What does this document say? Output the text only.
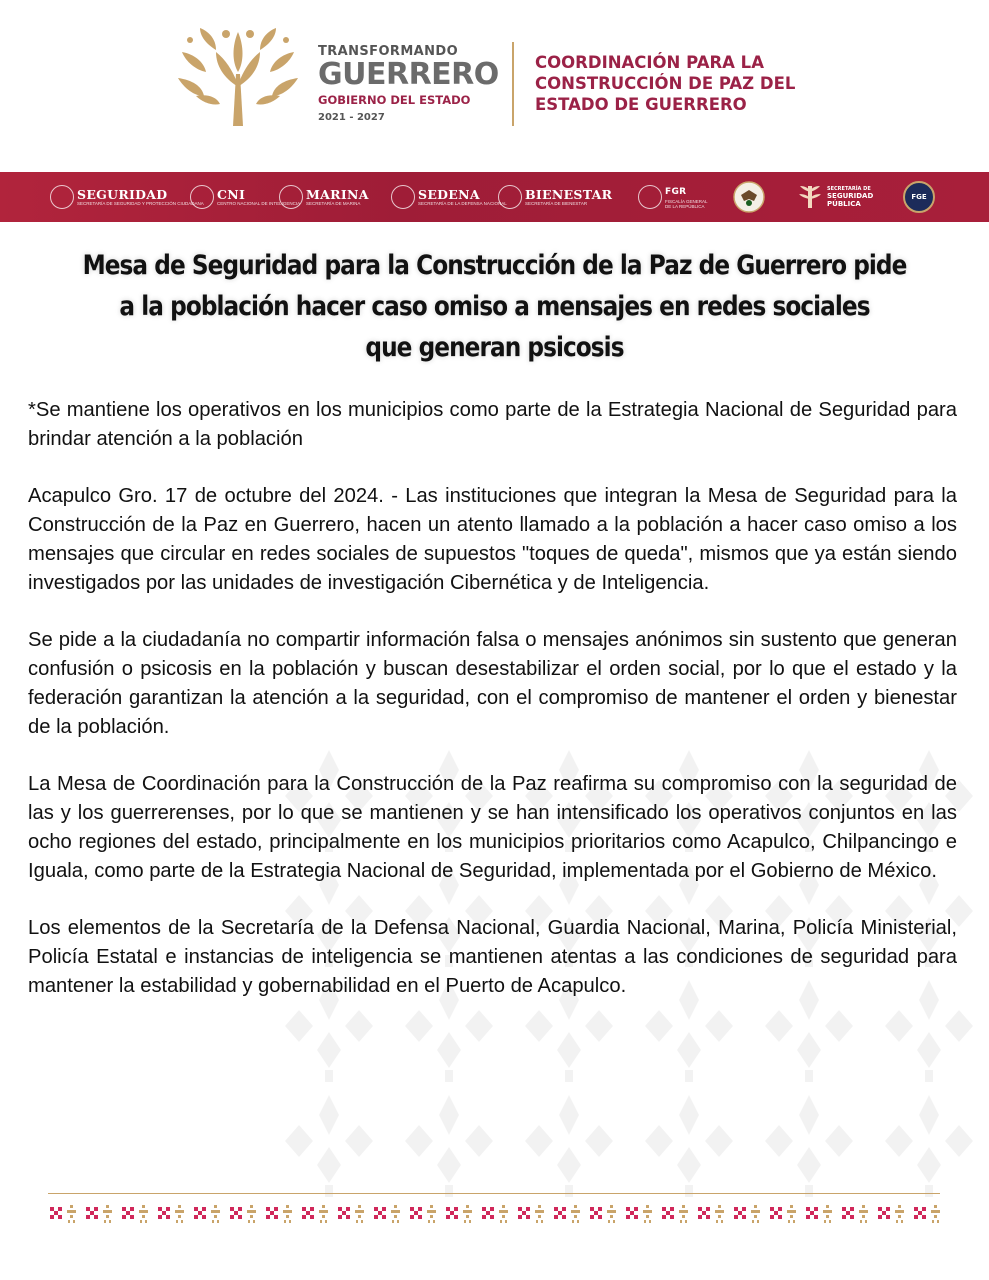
TRANSFORMANDO
GUERRERO
GOBIERNO DEL ESTADO
2021 - 2027
COORDINACIÓN PARA LA
CONSTRUCCIÓN DE PAZ DEL
ESTADO DE GUERRERO
SEGURIDAD
SECRETARÍA DE SEGURIDAD Y PROTECCIÓN CIUDADANA
CNI
CENTRO NACIONAL DE INTELIGENCIA
MARINA
SECRETARÍA DE MARINA
SEDENA
SECRETARÍA DE LA DEFENSA NACIONAL
BIENESTAR
SECRETARÍA DE BIENESTAR
FGR
FISCALÍA GENERAL DE LA REPÚBLICA
SECRETARÍA DE
SEGURIDAD
PÚBLICA
FGE
Mesa de Seguridad para la Construcción de la Paz de Guerrero pide
a la población hacer caso omiso a mensajes en redes sociales
que generan psicosis

*Se mantiene los operativos en los municipios como parte de la Estrategia Nacional de Seguridad para brindar atención a la población

Acapulco Gro. 17 de octubre del 2024. - Las instituciones que integran la Mesa de Seguridad para la Construcción de la Paz en Guerrero, hacen un atento llamado a la población a hacer caso omiso a los mensajes que circular en redes sociales de supuestos "toques de queda", mismos que ya están siendo investigados por las unidades de investigación Cibernética y de Inteligencia.

Se pide a la ciudadanía no compartir información falsa o mensajes anónimos sin sustento que generan confusión o psicosis en la población y buscan desestabilizar el orden social, por lo que el estado y la federación garantizan la atención a la seguridad, con el compromiso de mantener el orden y bienestar de la población.

La Mesa de Coordinación para la Construcción de la Paz reafirma su compromiso con la seguridad de las y los guerrerenses, por lo que se mantienen y se han intensificado los operativos conjuntos en las ocho regiones del estado, principalmente en los municipios prioritarios como Acapulco, Chilpancingo e Iguala, como parte de la Estrategia Nacional de Seguridad, implementada por el Gobierno de México.

Los elementos de la Secretaría de la Defensa Nacional, Guardia Nacional, Marina, Policía Ministerial, Policía Estatal e instancias de inteligencia se mantienen atentas a las condiciones de seguridad para mantener la estabilidad y gobernabilidad en el Puerto de Acapulco.
